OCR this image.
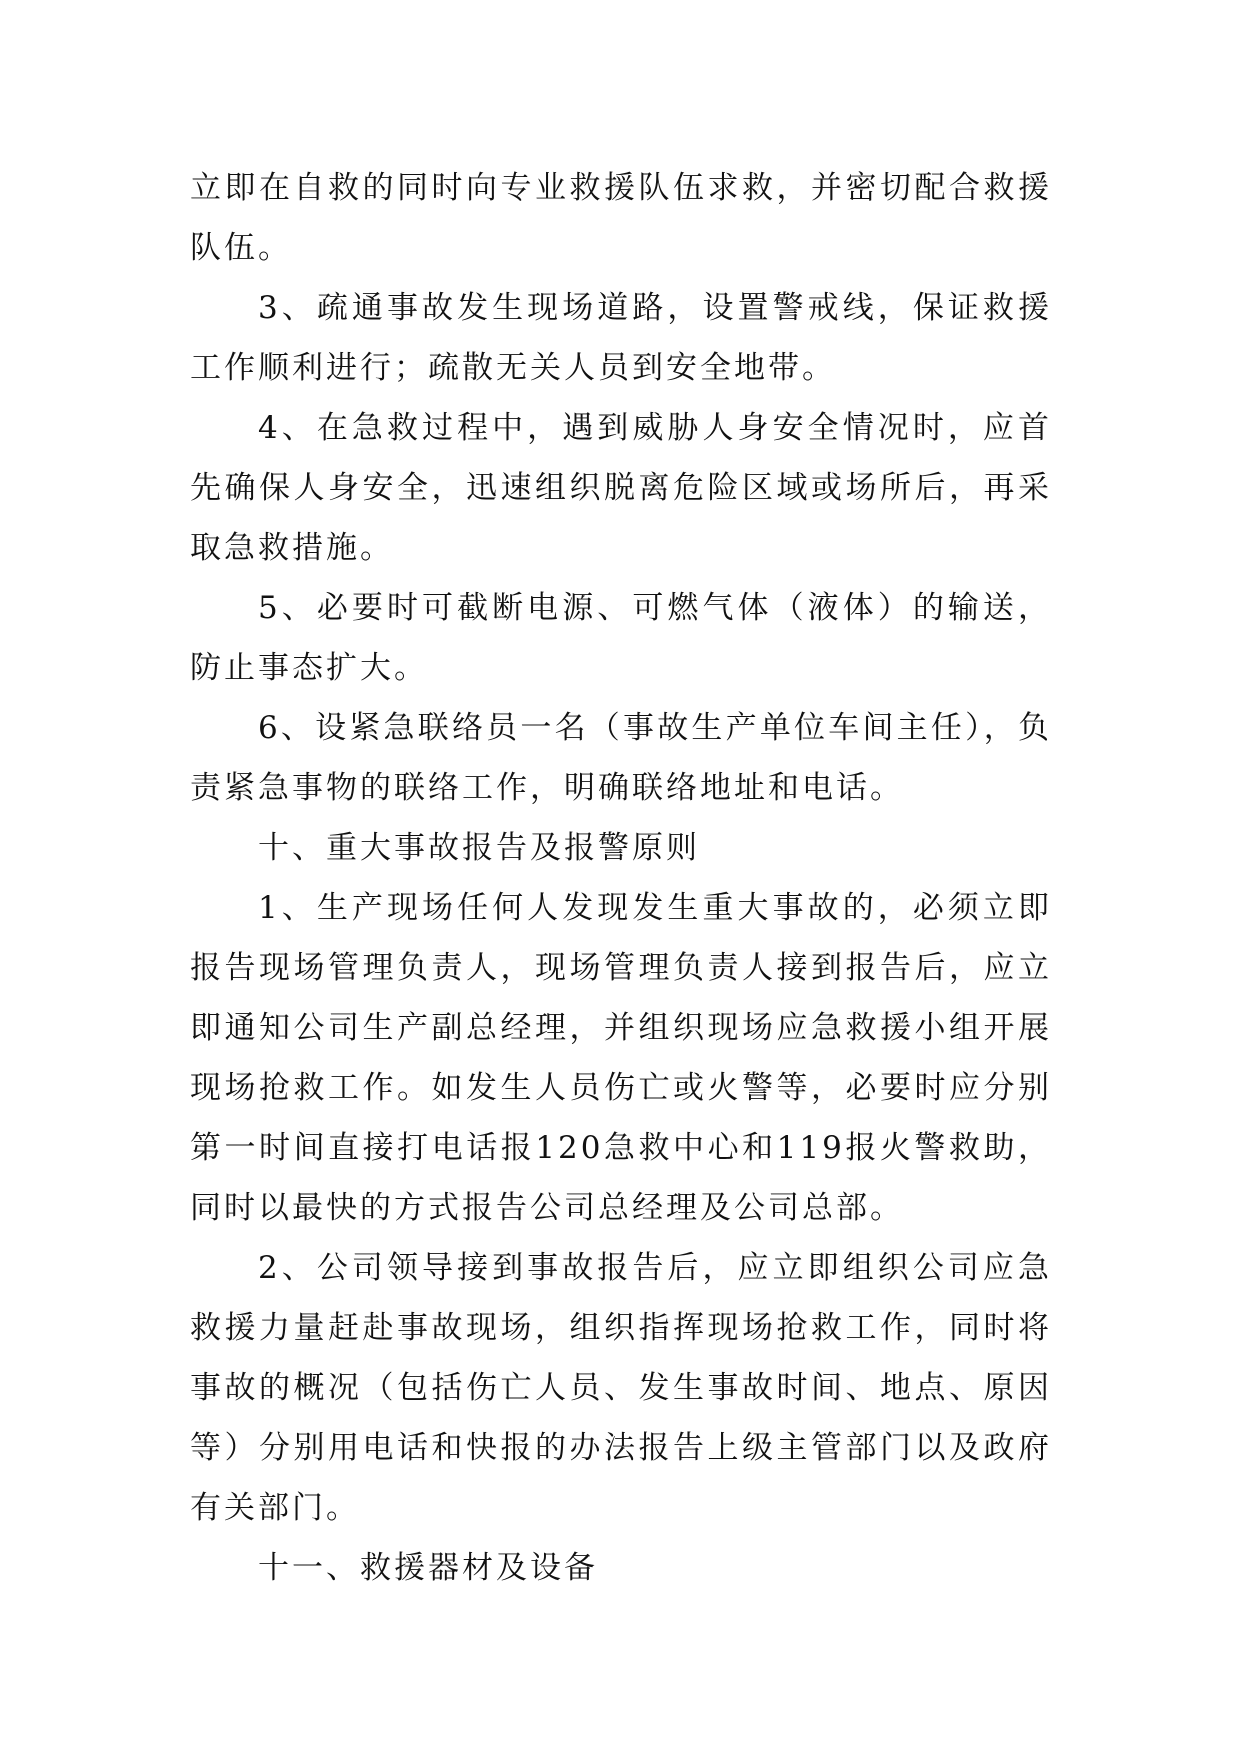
立即在自救的同时向专业救援队伍求救，并密切配合救援队伍。

3、疏通事故发生现场道路，设置警戒线，保证救援工作顺利进行；疏散无关人员到安全地带。

4、在急救过程中，遇到威胁人身安全情况时，应首先确保人身安全，迅速组织脱离危险区域或场所后，再采取急救措施。

5、必要时可截断电源、可燃气体（液体）的输送，防止事态扩大。

6、设紧急联络员一名（事故生产单位车间主任），负责紧急事物的联络工作，明确联络地址和电话。

十、重大事故报告及报警原则

1、生产现场任何人发现发生重大事故的，必须立即报告现场管理负责人，现场管理负责人接到报告后，应立即通知公司生产副总经理，并组织现场应急救援小组开展现场抢救工作。如发生人员伤亡或火警等，必要时应分别第一时间直接打电话报120急救中心和119报火警救助，同时以最快的方式报告公司总经理及公司总部。

2、公司领导接到事故报告后，应立即组织公司应急救援力量赶赴事故现场，组织指挥现场抢救工作，同时将事故的概况（包括伤亡人员、发生事故时间、地点、原因等）分别用电话和快报的办法报告上级主管部门以及政府有关部门。

十一、救援器材及设备
